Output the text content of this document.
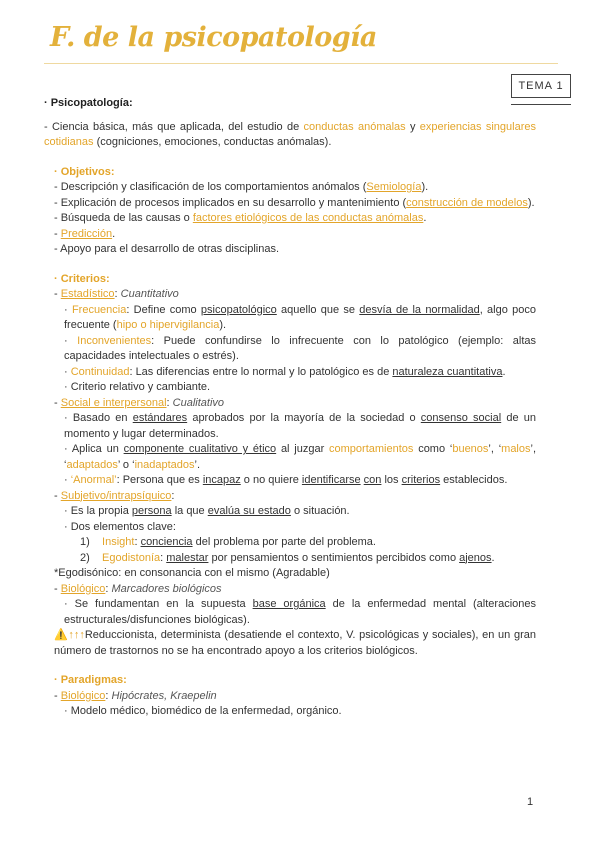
F. de la psicopatología
TEMA 1

· Psicopatología:

- Ciencia básica, más que aplicada, del estudio de conductas anómalas y experiencias singulares cotidianas (cogniciones, emociones, conductas anómalas).

· Objetivos:

- Descripción y clasificación de los comportamientos anómalos (Semiología).

- Explicación de procesos implicados en su desarrollo y mantenimiento (construcción de modelos).

- Búsqueda de las causas o factores etiológicos de las conductas anómalas.

- Predicción.

- Apoyo para el desarrollo de otras disciplinas.

· Criterios:

- Estadístico: Cuantitativo

· Frecuencia: Define como psicopatológico aquello que se desvía de la normalidad, algo poco frecuente (hipo o hipervigilancia).

· Inconvenientes: Puede confundirse lo infrecuente con lo patológico (ejemplo: altas capacidades intelectuales o estrés).

· Continuidad: Las diferencias entre lo normal y lo patológico es de naturaleza cuantitativa.

· Criterio relativo y cambiante.

- Social e interpersonal: Cualitativo

· Basado en estándares aprobados por la mayoría de la sociedad o consenso social de un momento y lugar determinados.

· Aplica un componente cualitativo y ético al juzgar comportamientos como ‘buenos’, ‘malos’, ‘adaptados’ o ‘inadaptados’.

· ‘Anormal’: Persona que es incapaz o no quiere identificarse con los criterios establecidos.

- Subjetivo/intrapsíquico:

· Es la propia persona la que evalúa su estado o situación.

· Dos elementos clave:

1)    Insight: conciencia del problema por parte del problema.

2)    Egodistonía: malestar por pensamientos o sentimientos percibidos como ajenos.

*Egodisónico: en consonancia con el mismo (Agradable)

- Biológico: Marcadores biológicos

· Se fundamentan en la supuesta base orgánica de la enfermedad mental (alteraciones estructurales/disfunciones biológicas).

⚠️↑↑↑Reduccionista, determinista (desatiende el contexto, V. psicológicas y sociales), en un gran número de trastornos no se ha encontrado apoyo a los criterios biológicos.

· Paradigmas:

- Biológico: Hipócrates, Kraepelin

· Modelo médico, biomédico de la enfermedad, orgánico.

1
